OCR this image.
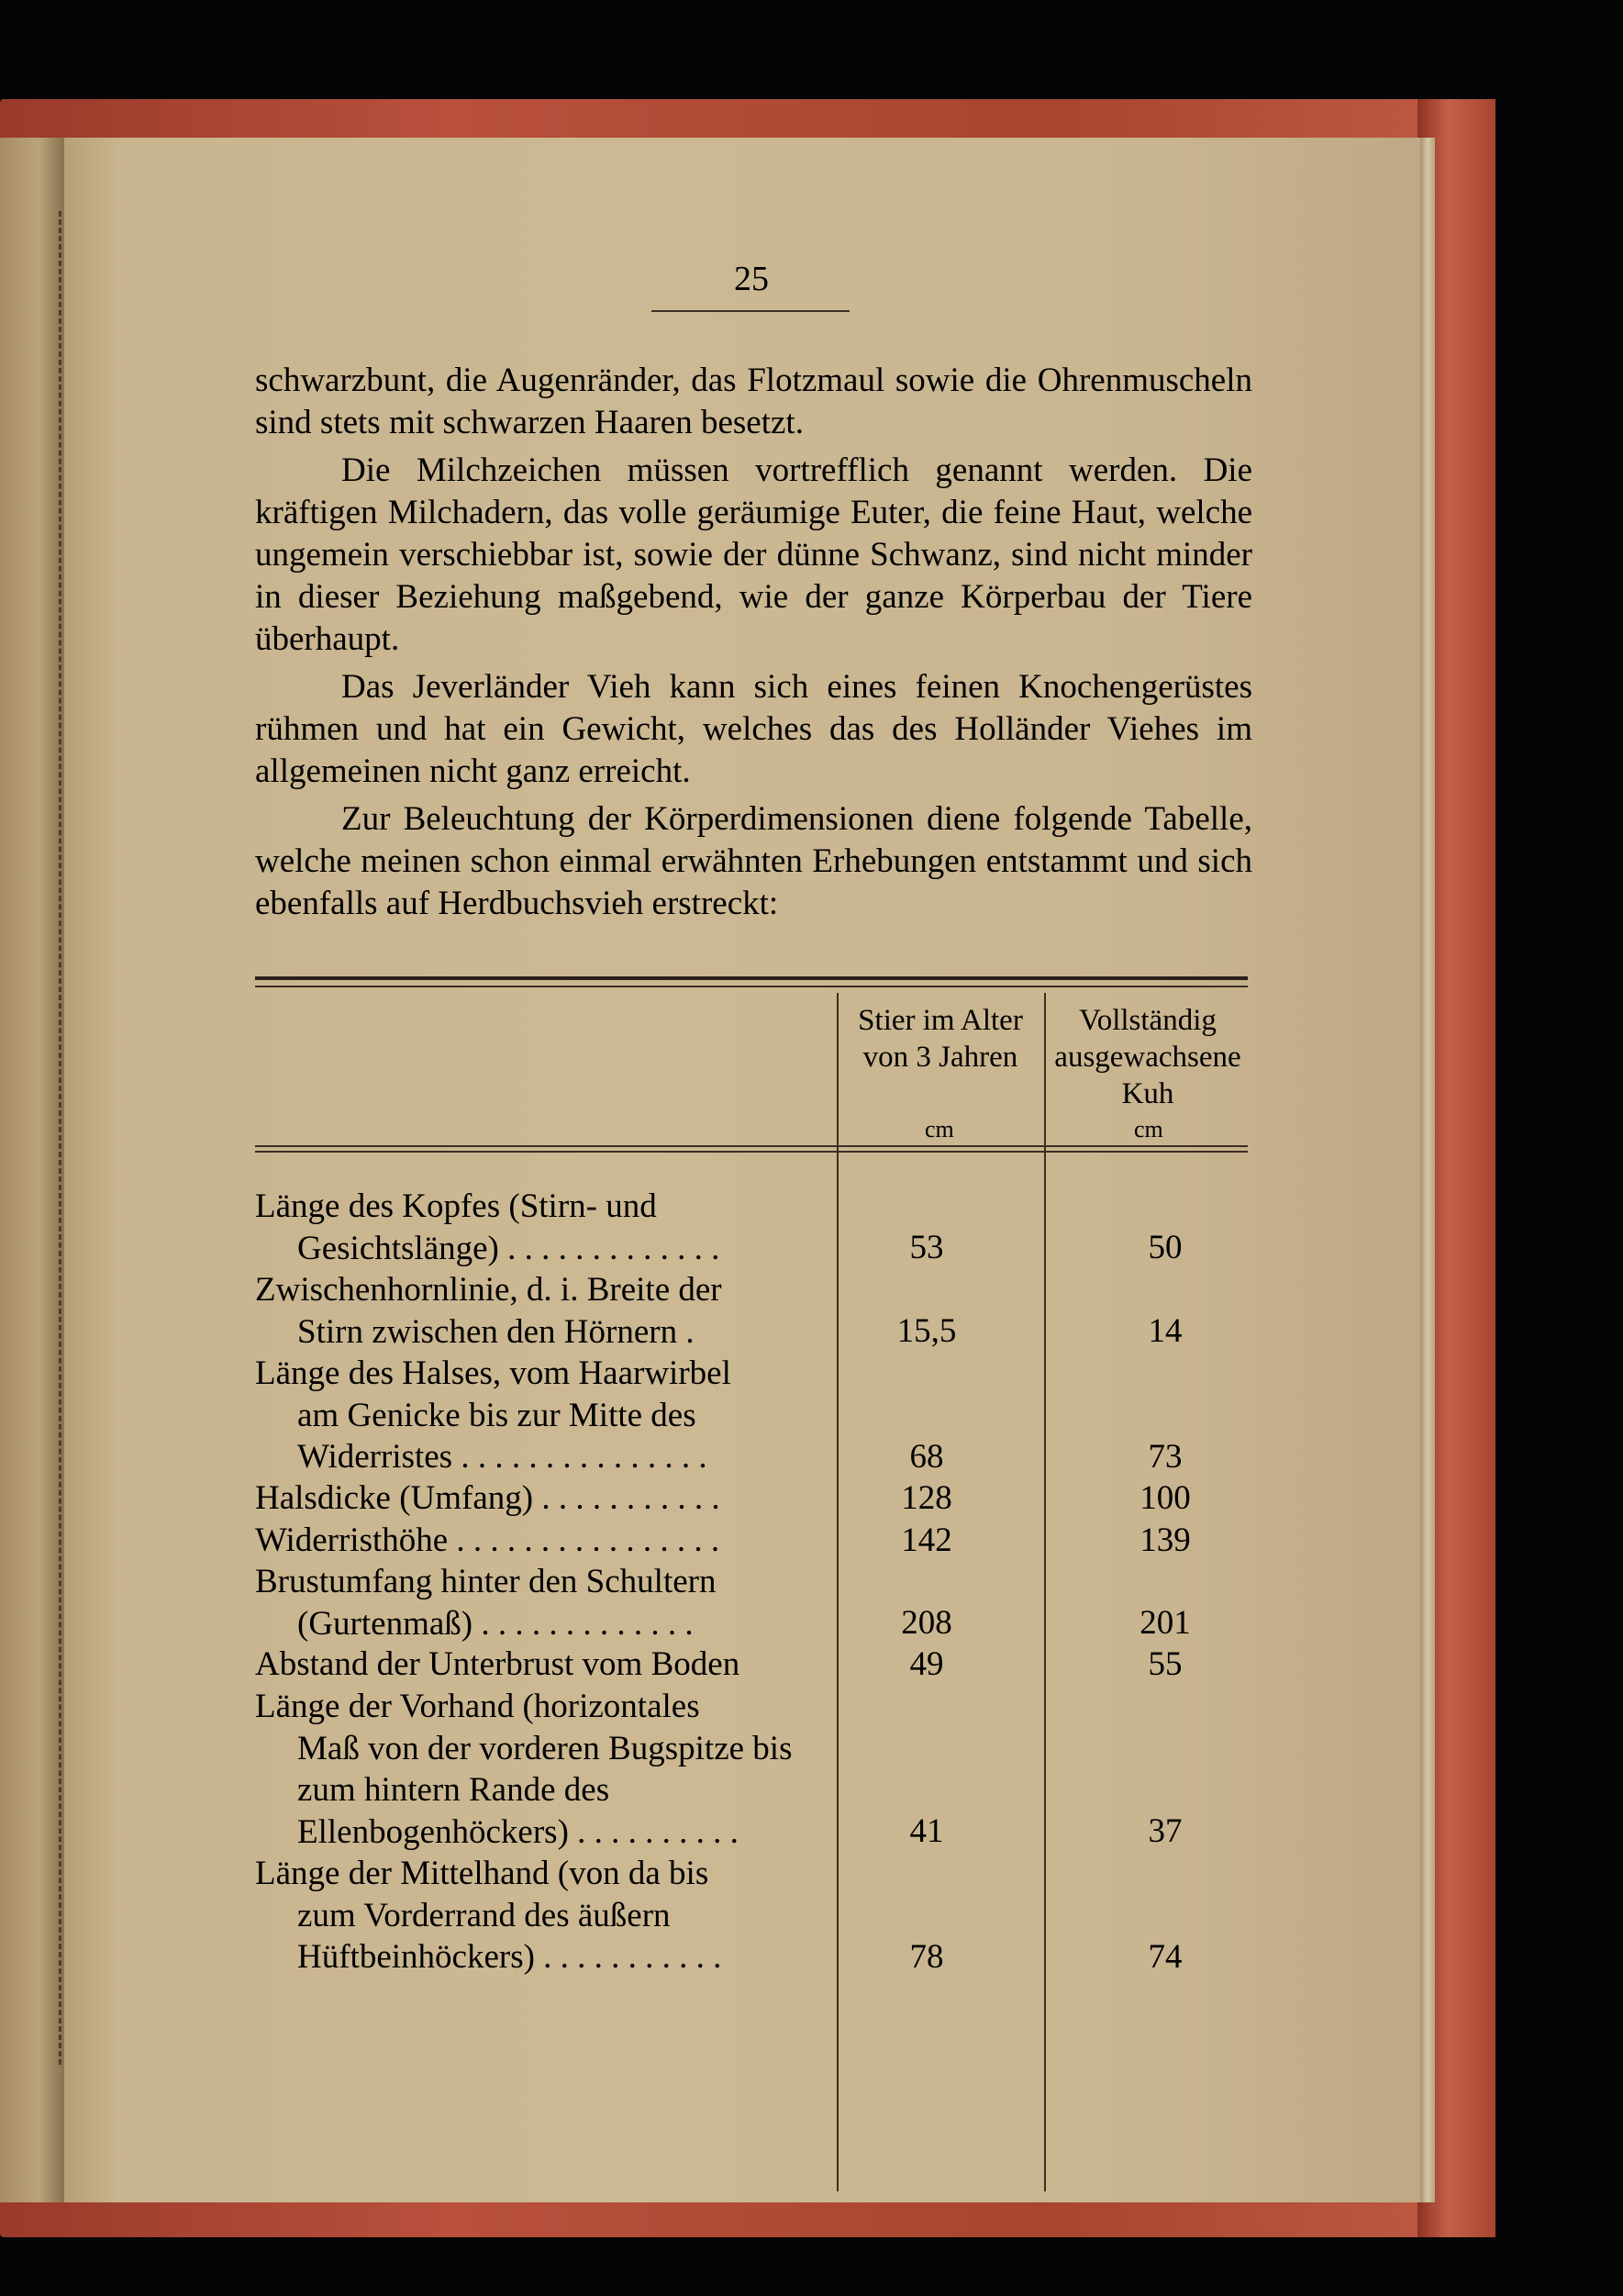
25

schwarzbunt, die Augenränder, das Flotzmaul sowie die Ohrenmuscheln sind stets mit schwarzen Haaren besetzt.

Die Milchzeichen müssen vortrefflich genannt werden. Die kräftigen Milchadern, das volle geräumige Euter, die feine Haut, welche ungemein verschiebbar ist, sowie der dünne Schwanz, sind nicht minder in dieser Beziehung maßgebend, wie der ganze Körperbau der Tiere überhaupt.

Das Jeverländer Vieh kann sich eines feinen Knochengerüstes rühmen und hat ein Gewicht, welches das des Holländer Viehes im allgemeinen nicht ganz erreicht.

Zur Beleuchtung der Körperdimensionen diene folgende Tabelle, welche meinen schon einmal erwähnten Erhebungen entstammt und sich ebenfalls auf Herdbuchsvieh erstreckt:

Stier im Alter von 3 Jahren
Vollständig ausgewachsene Kuh
cm	cm
Länge des Kopfes (Stirn- und
Gesichtslänge) . . . . . . . . . . . . .	53	50
Zwischenhornlinie, d. i. Breite der
Stirn zwischen den Hörnern .	15,5	14
Länge des Halses, vom Haarwirbel
am Genicke bis zur Mitte des Widerristes . . . . . . . . . . . . . . .	68	73
Halsdicke (Umfang) . . . . . . . . . . .	128	100
Widerristhöhe . . . . . . . . . . . . . . . .	142	139
Brustumfang hinter den Schultern
(Gurtenmaß) . . . . . . . . . . . . .	208	201
Abstand der Unterbrust vom Boden	49	55
Länge der Vorhand (horizontales
Maß von der vorderen Bugspitze bis zum hintern Rande des Ellenbogenhöckers) . . . . . . . . . .	41	37
Länge der Mittelhand (von da bis
zum Vorderrand des äußern Hüftbeinhöckers) . . . . . . . . . . .	78	74
